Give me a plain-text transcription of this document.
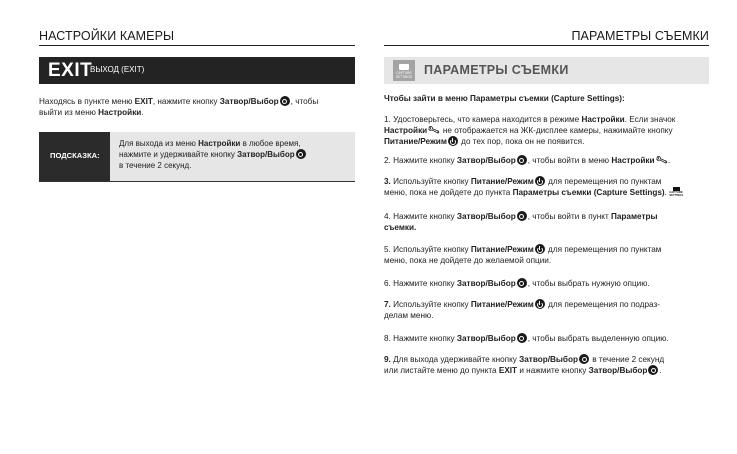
НАСТРОЙКИ КАМЕРЫ
EXIT
ВЫХОД (EXIT)
Находясь в пункте меню EXIT, нажмите кнопку Затвор/Выбор , чтобы
выйти из меню Настройки.
ПОДСКАЗКА:
Для выхода из меню Настройки в любое время,
нажмите и удерживайте кнопку Затвор/Выбор
в течение 2 секунд.
ПАРАМЕТРЫ СЪЕМКИ
CAPTURE SETTINGS ПАРАМЕТРЫ СЪЕМКИ
Чтобы зайти в меню Параметры съемки (Capture Settings):
1. Удостоверьтесь, что камера находится в режиме Настройки. Если значок
Настройки🔧︎ не отображается на ЖК-дисплее камеры, нажимайте кнопку
Питание/Режим до тех пор, пока он не появится.
2. Нажмите кнопку Затвор/Выбор , чтобы войти в меню Настройки🔧︎.
3. Используйте кнопку Питание/Режим для перемещения по пунктам
меню, пока не дойдете до пункта Параметры съемки (Capture Settings). CAPTURE SETTINGS
4. Нажмите кнопку Затвор/Выбор , чтобы войти в пункт Параметры
съемки.
5. Используйте кнопку Питание/Режим для перемещения по пунктам
меню, пока не дойдете до желаемой опции.
6. Нажмите кнопку Затвор/Выбор , чтобы выбрать нужную опцию.
7. Используйте кнопку Питание/Режим для перемещения по подраз-
делам меню.
8. Нажмите кнопку Затвор/Выбор , чтобы выбрать выделенную опцию.
9. Для выхода удерживайте кнопку Затвор/Выбор в течение 2 секунд
или листайте меню до пункта EXIT и нажмите кнопку Затвор/Выбор .
